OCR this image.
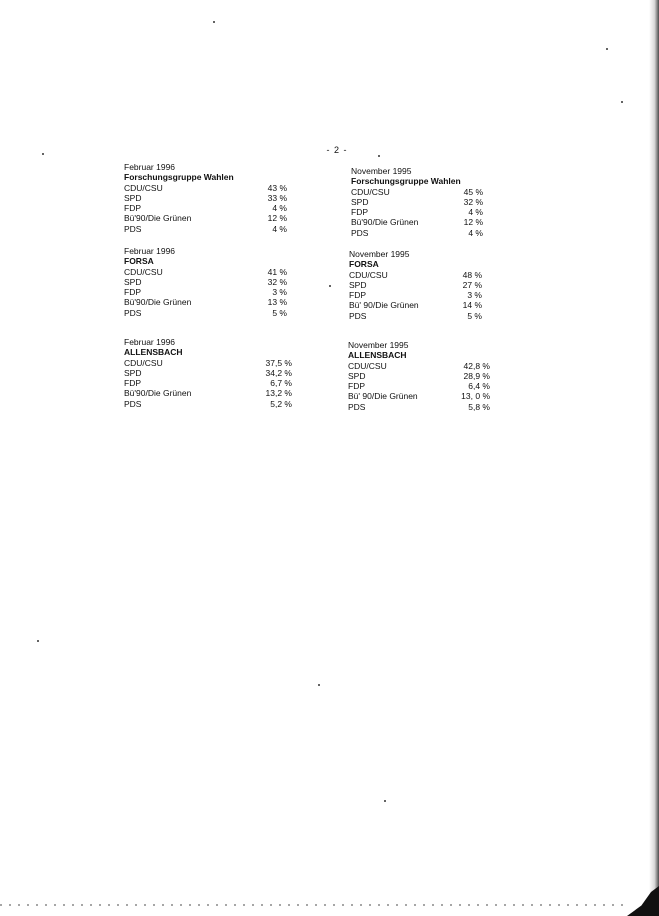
- 2 -

Februar 1996

Forschungsgruppe Wahlen

CDU/CSU	43 %
SPD	33 %
FDP	4 %
Bü'90/Die Grünen	12 %
PDS	4 %

November 1995

Forschungsgruppe Wahlen

CDU/CSU	45 %
SPD	32 %
FDP	4 %
Bü'90/Die Grünen	12 %
PDS	4 %

Februar 1996

FORSA

CDU/CSU	41 %
SPD	32 %
FDP	3 %
Bü'90/Die Grünen	13 %
PDS	5 %

November 1995

FORSA

CDU/CSU	48 %
SPD	27 %
FDP	3 %
Bü' 90/Die Grünen	14 %
PDS	5 %

Februar 1996

ALLENSBACH

CDU/CSU	37,5 %
SPD	34,2 %
FDP	6,7 %
Bü'90/Die Grünen	13,2 %
PDS	5,2 %

November 1995

ALLENSBACH

CDU/CSU	42,8 %
SPD	28,9 %
FDP	6,4 %
Bü' 90/Die Grünen	13, 0 %
PDS	5,8 %
